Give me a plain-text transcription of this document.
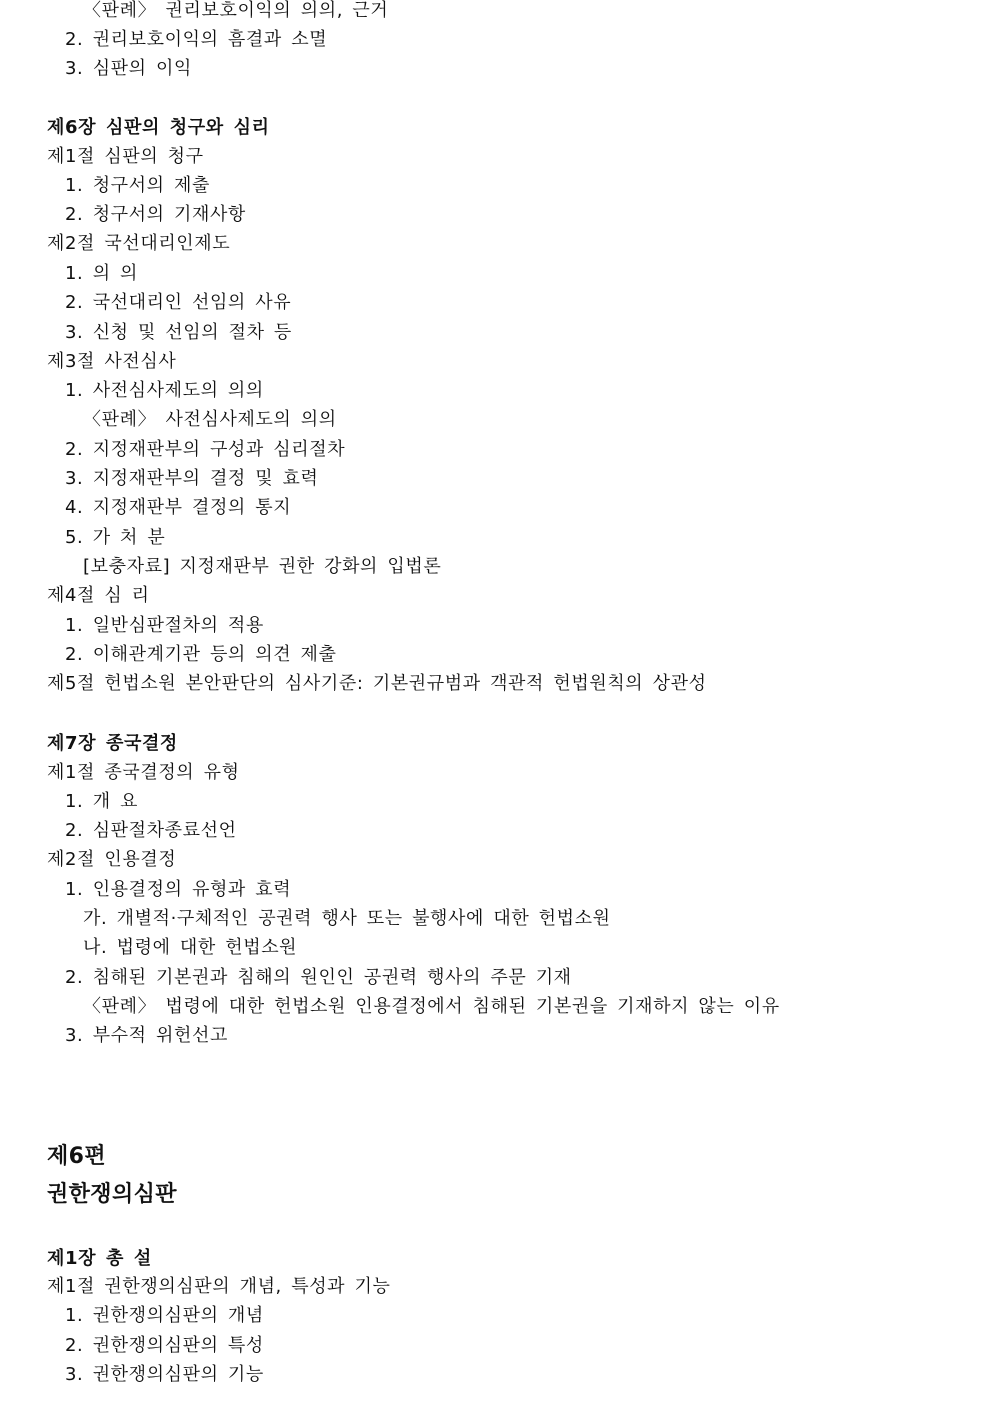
〈판례〉 권리보호이익의 의의, 근거
2. 권리보호이익의 흠결과 소멸
3. 심판의 이익
제6장 심판의 청구와 심리
제1절 심판의 청구
1. 청구서의 제출
2. 청구서의 기재사항
제2절 국선대리인제도
1. 의 의
2. 국선대리인 선임의 사유
3. 신청 및 선임의 절차 등
제3절 사전심사
1. 사전심사제도의 의의
〈판례〉 사전심사제도의 의의
2. 지정재판부의 구성과 심리절차
3. 지정재판부의 결정 및 효력
4. 지정재판부 결정의 통지
5. 가 처 분
[보충자료] 지정재판부 권한 강화의 입법론
제4절 심 리
1. 일반심판절차의 적용
2. 이해관계기관 등의 의견 제출
제5절 헌법소원 본안판단의 심사기준: 기본권규범과 객관적 헌법원칙의 상관성
제7장 종국결정
제1절 종국결정의 유형
1. 개 요
2. 심판절차종료선언
제2절 인용결정
1. 인용결정의 유형과 효력
가. 개별적·구체적인 공권력 행사 또는 불행사에 대한 헌법소원
나. 법령에 대한 헌법소원
2. 침해된 기본권과 침해의 원인인 공권력 행사의 주문 기재
〈판례〉 법령에 대한 헌법소원 인용결정에서 침해된 기본권을 기재하지 않는 이유
3. 부수적 위헌선고
제6편
권한쟁의심판
제1장 총 설
제1절 권한쟁의심판의 개념, 특성과 기능
1. 권한쟁의심판의 개념
2. 권한쟁의심판의 특성
3. 권한쟁의심판의 기능
